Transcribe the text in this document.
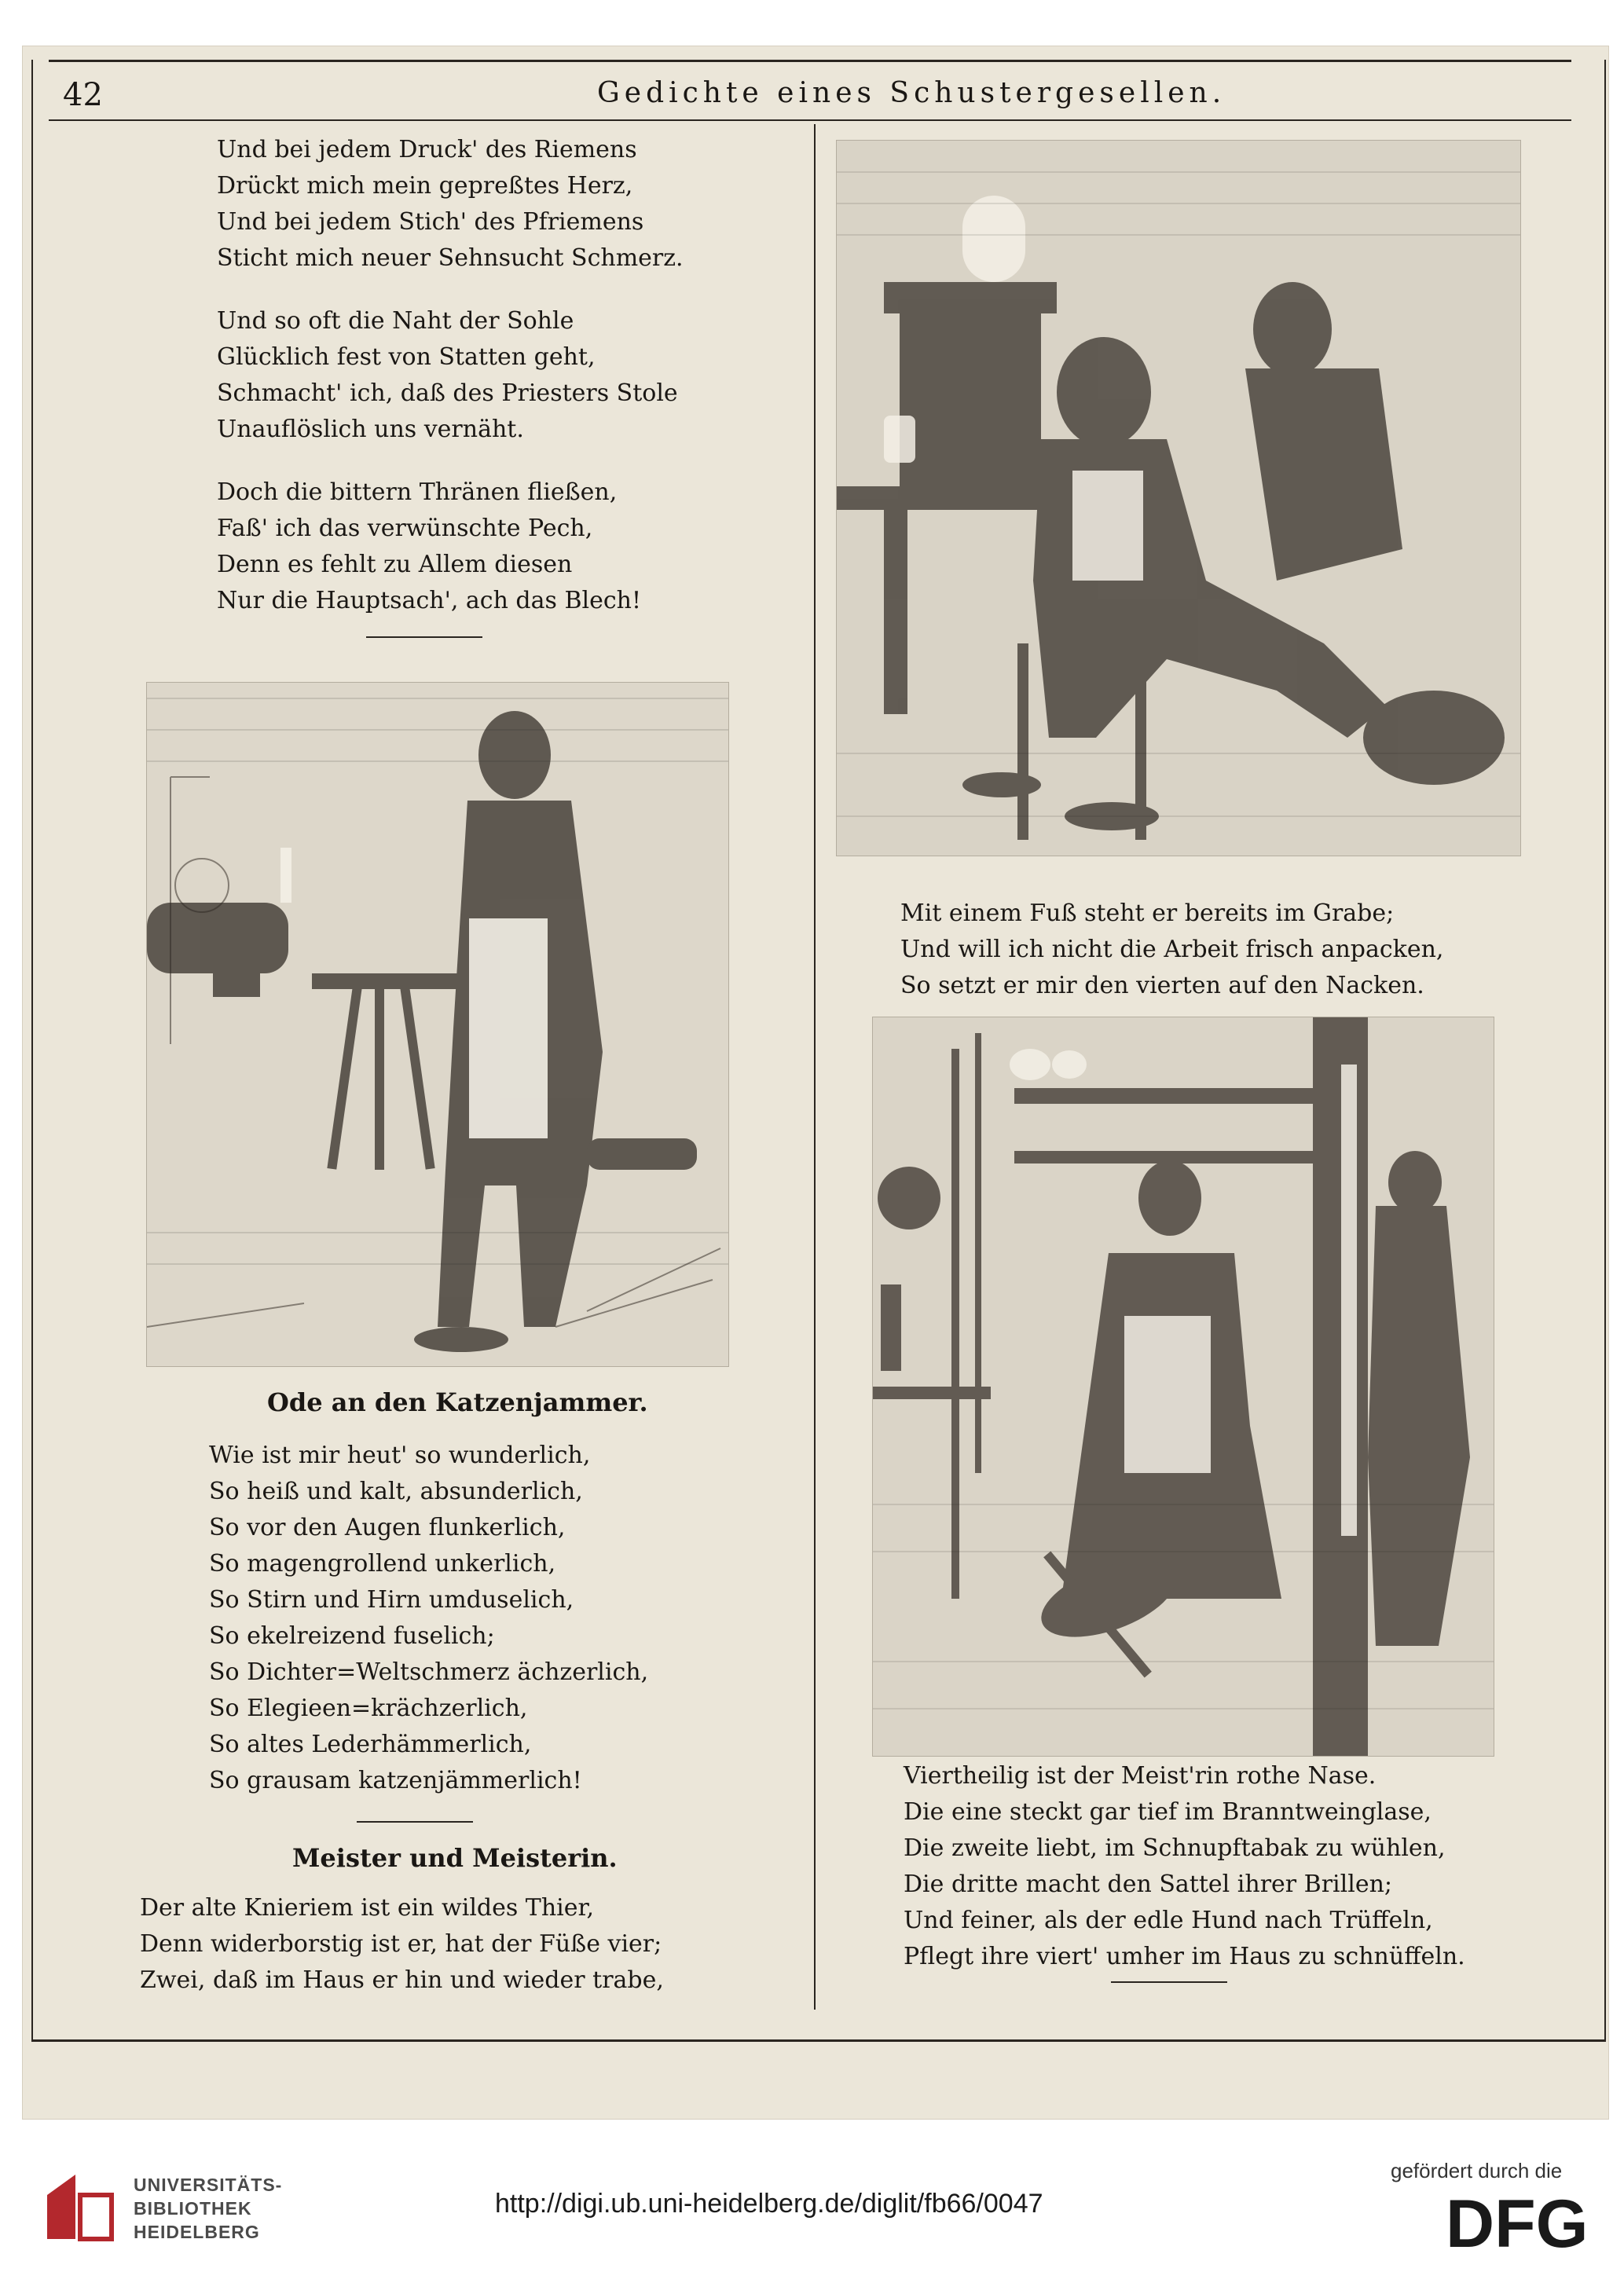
42	Gedichte eines Schustergesellen.
Und bei jedem Druck' des Riemens
Drückt mich mein gepreßtes Herz,
Und bei jedem Stich' des Pfriemens
Sticht mich neuer Sehnsucht Schmerz.
Und so oft die Naht der Sohle
Glücklich fest von Statten geht,
Schmacht' ich, daß des Priesters Stole
Unauflöslich uns vernäht.
Doch die bittern Thränen fließen,
Faß' ich das verwünschte Pech,
Denn es fehlt zu Allem diesen
Nur die Hauptsach', ach das Blech!
Ode an den Katzenjammer.
Wie ist mir heut' so wunderlich,
So heiß und kalt, absunderlich,
So vor den Augen flunkerlich,
So magengrollend unkerlich,
So Stirn und Hirn umduselich,
So ekelreizend fuselich;
So Dichter=Weltschmerz ächzerlich,
So Elegieen=krächzerlich,
So altes Lederhämmerlich,
So grausam katzenjämmerlich!
Meister und Meisterin.
Der alte Knieriem ist ein wildes Thier,
Denn widerborstig ist er, hat der Füße vier;
Zwei, daß im Haus er hin und wieder trabe,
Mit einem Fuß steht er bereits im Grabe;
Und will ich nicht die Arbeit frisch anpacken,
So setzt er mir den vierten auf den Nacken.
Viertheilig ist der Meist'rin rothe Nase.
Die eine steckt gar tief im Branntweinglase,
Die zweite liebt, im Schnupftabak zu wühlen,
Die dritte macht den Sattel ihrer Brillen;
Und feiner, als der edle Hund nach Trüffeln,
Pflegt ihre viert' umher im Haus zu schnüffeln.
UNIVERSITÄTS-
BIBLIOTHEK
HEIDELBERG
http://digi.ub.uni-heidelberg.de/diglit/fb66/0047
gefördert durch die
DFG
